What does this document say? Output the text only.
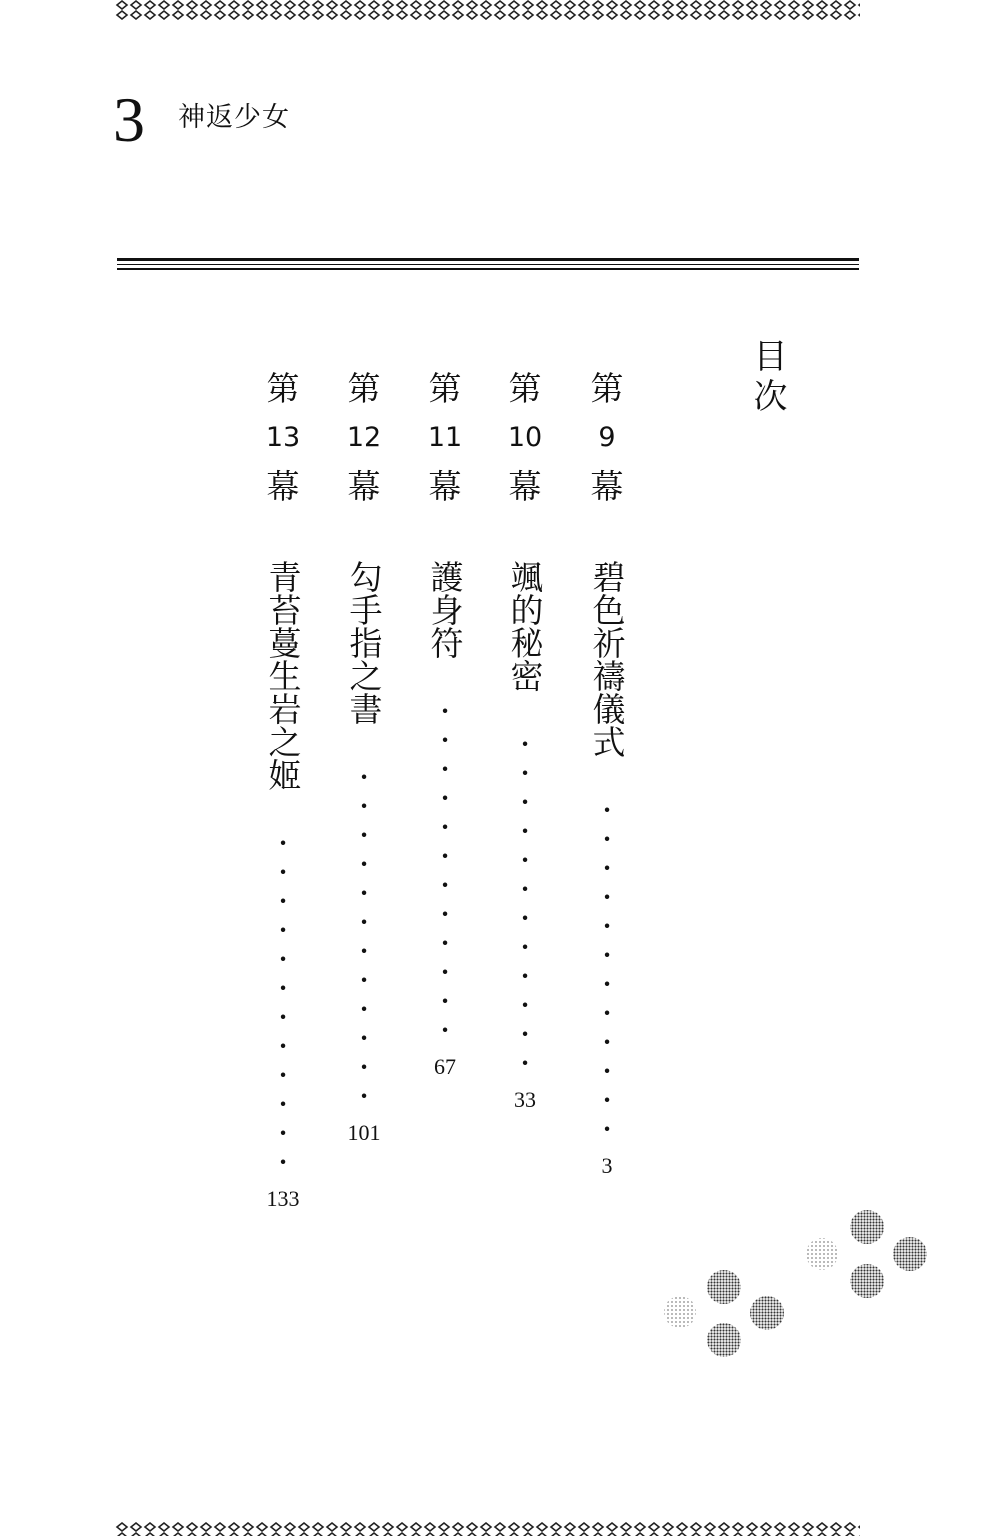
3 神返少女
目次
第
9
幕
碧色祈禱儀式
············
3
第
10
幕
颯的秘密
············
33
第
11
幕
護身符
············
67
第
12
幕
勾手指之書
············
101
第
13
幕
青苔蔓生岩之姬
············
133
